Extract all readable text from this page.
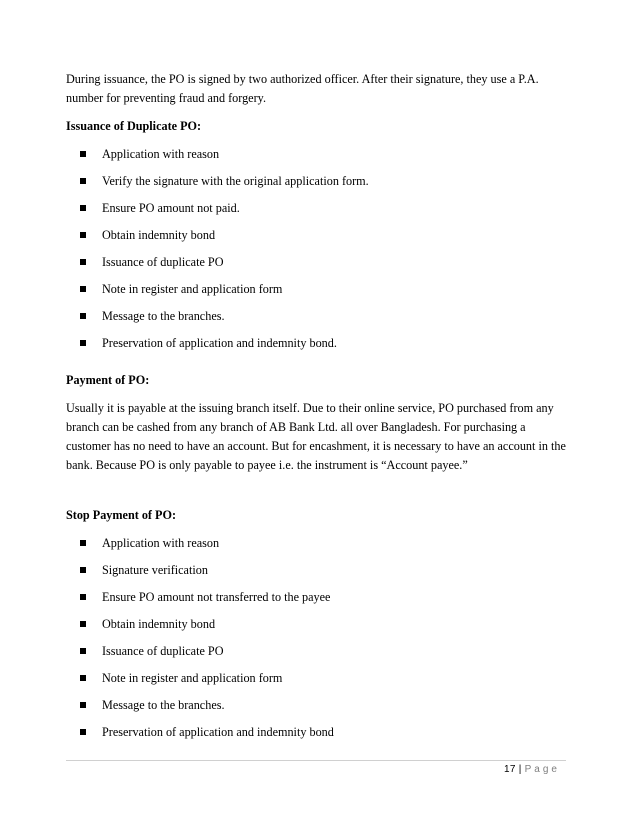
During issuance, the PO is signed by two authorized officer. After their signature, they use a P.A. number for preventing fraud and forgery.

Issuance of Duplicate PO:

Application with reason
Verify the signature with the original application form.
Ensure PO amount not paid.
Obtain indemnity bond
Issuance of duplicate PO
Note in register and application form
Message to the branches.
Preservation of application and indemnity bond.

Payment of PO:

Usually it is payable at the issuing branch itself. Due to their online service, PO purchased from any branch can be cashed from any branch of AB Bank Ltd. all over Bangladesh. For purchasing a customer has no need to have an account. But for encashment, it is necessary to have an account in the bank. Because PO is only payable to payee i.e. the instrument is “Account payee.”

Stop Payment of PO:

Application with reason
Signature verification
Ensure PO amount not transferred to the payee
Obtain indemnity bond
Issuance of duplicate PO
Note in register and application form
Message to the branches.
Preservation of application and indemnity bond
17 | Page
